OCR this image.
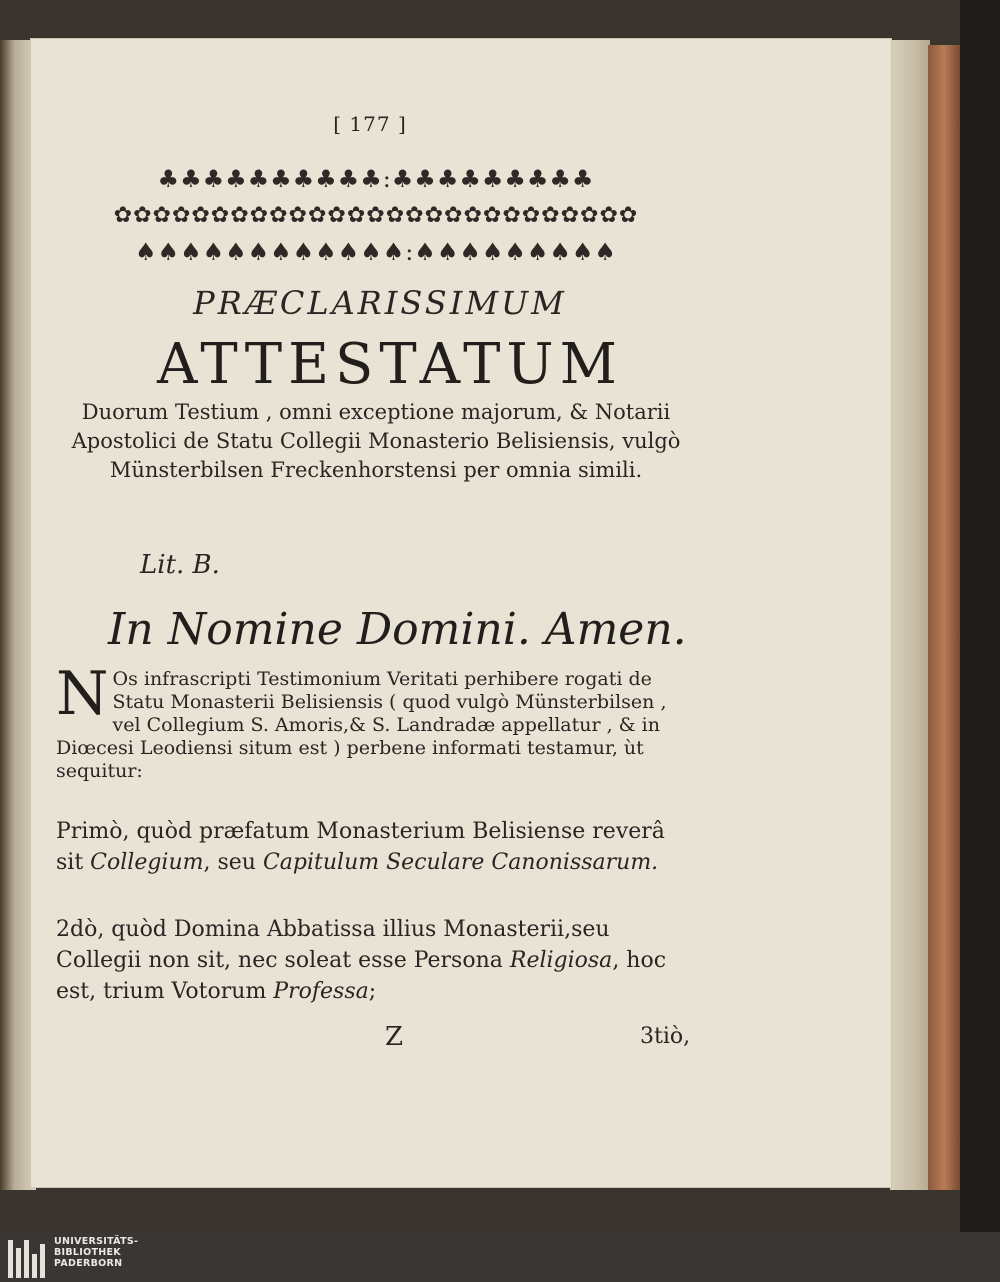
[ 177 ]
♣♣♣♣♣♣♣♣♣♣:♣♣♣♣♣♣♣♣♣
✿✿✿✿✿✿✿✿✿✿✿✿✿✿✿✿✿✿✿✿✿✿✿✿✿✿✿
♠♠♠♠♠♠♠♠♠♠♠♠:♠♠♠♠♠♠♠♠♠
PRÆCLARISSIMUM
ATTESTATUM
Duorum Testium , omni exceptione majorum, & Notarii Apostolici de Statu Collegii Monasterio Belisiensis, vulgò Münsterbilsen Freckenhorstensi per omnia simili.
Lit. B.
In Nomine Domini. Amen.
N Os infrascripti Testimonium Veritati perhibere rogati de Statu Monasterii Belisiensis ( quod vulgò Münsterbilsen , vel Collegium S. Amoris,& S. Landradæ appellatur , & in Diœcesi Leodiensi situm est ) perbene informati testamur, ùt sequitur:
Primò, quòd præfatum Monasterium Belisiense reverâ sit Collegium, seu Capitulum Seculare Canonissarum.
2dò, quòd Domina Abbatissa illius Monasterii,seu Collegii non sit, nec soleat esse Persona Religiosa, hoc est, trium Votorum Professa;
Z	3tiò,
UNIVERSITÄTS-
BIBLIOTHEK
PADERBORN
